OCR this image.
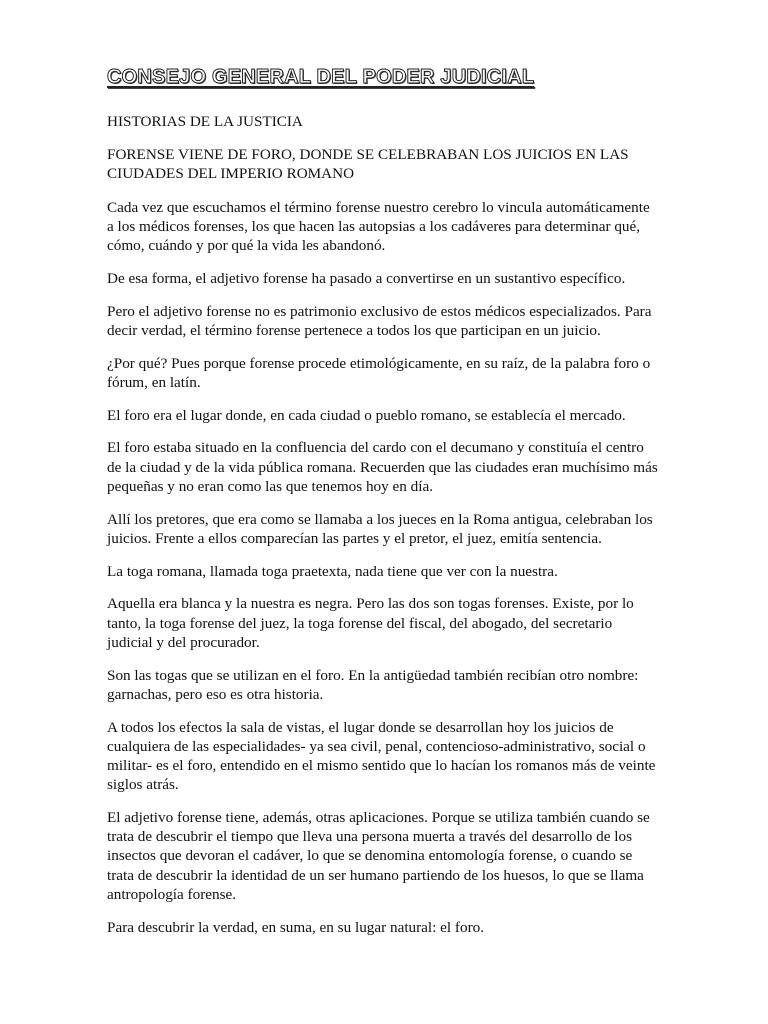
CONSEJO GENERAL DEL PODER JUDICIAL

HISTORIAS DE LA JUSTICIA

FORENSE VIENE DE FORO, DONDE SE CELEBRABAN LOS JUICIOS EN LAS CIUDADES DEL IMPERIO ROMANO

Cada vez que escuchamos el término forense nuestro cerebro lo vincula automáticamente a los médicos forenses, los que hacen las autopsias a los cadáveres para determinar qué, cómo, cuándo y por qué la vida les abandonó.

De esa forma, el adjetivo forense ha pasado a convertirse en un sustantivo específico.

Pero el adjetivo forense no es patrimonio exclusivo de estos médicos especializados. Para decir verdad, el término forense pertenece a todos los que participan en un juicio.

¿Por qué? Pues porque forense procede etimológicamente, en su raíz, de la palabra foro o fórum, en latín.

El foro era el lugar donde, en cada ciudad o pueblo romano, se establecía el mercado.

El foro estaba situado en la confluencia del cardo con el decumano y constituía el centro de la ciudad y de la vida pública romana. Recuerden que las ciudades eran muchísimo más pequeñas y no eran como las que tenemos hoy en día.

Allí los pretores, que era como se llamaba a los jueces en la Roma antigua, celebraban los juicios. Frente a ellos comparecían las partes y el pretor, el juez, emitía sentencia.

La toga romana, llamada toga praetexta, nada tiene que ver con la nuestra.

Aquella era blanca y la nuestra es negra. Pero las dos son togas forenses. Existe, por lo tanto, la toga forense del juez, la toga forense del fiscal, del abogado, del secretario judicial y del procurador.

Son las togas que se utilizan en el foro. En la antigüedad también recibían otro nombre: garnachas, pero eso es otra historia.

A todos los efectos la sala de vistas, el lugar donde se desarrollan hoy los juicios de cualquiera de las especialidades- ya sea civil, penal, contencioso-administrativo, social o militar- es el foro, entendido en el mismo sentido que lo hacían los romanos más de veinte siglos atrás.

El adjetivo forense tiene, además, otras aplicaciones. Porque se utiliza también cuando se trata de descubrir el tiempo que lleva una persona muerta a través del desarrollo de los insectos que devoran el cadáver, lo que se denomina entomología forense, o cuando se trata de descubrir la identidad de un ser humano partiendo de los huesos, lo que se llama antropología forense.

Para descubrir la verdad, en suma, en su lugar natural: el foro.
